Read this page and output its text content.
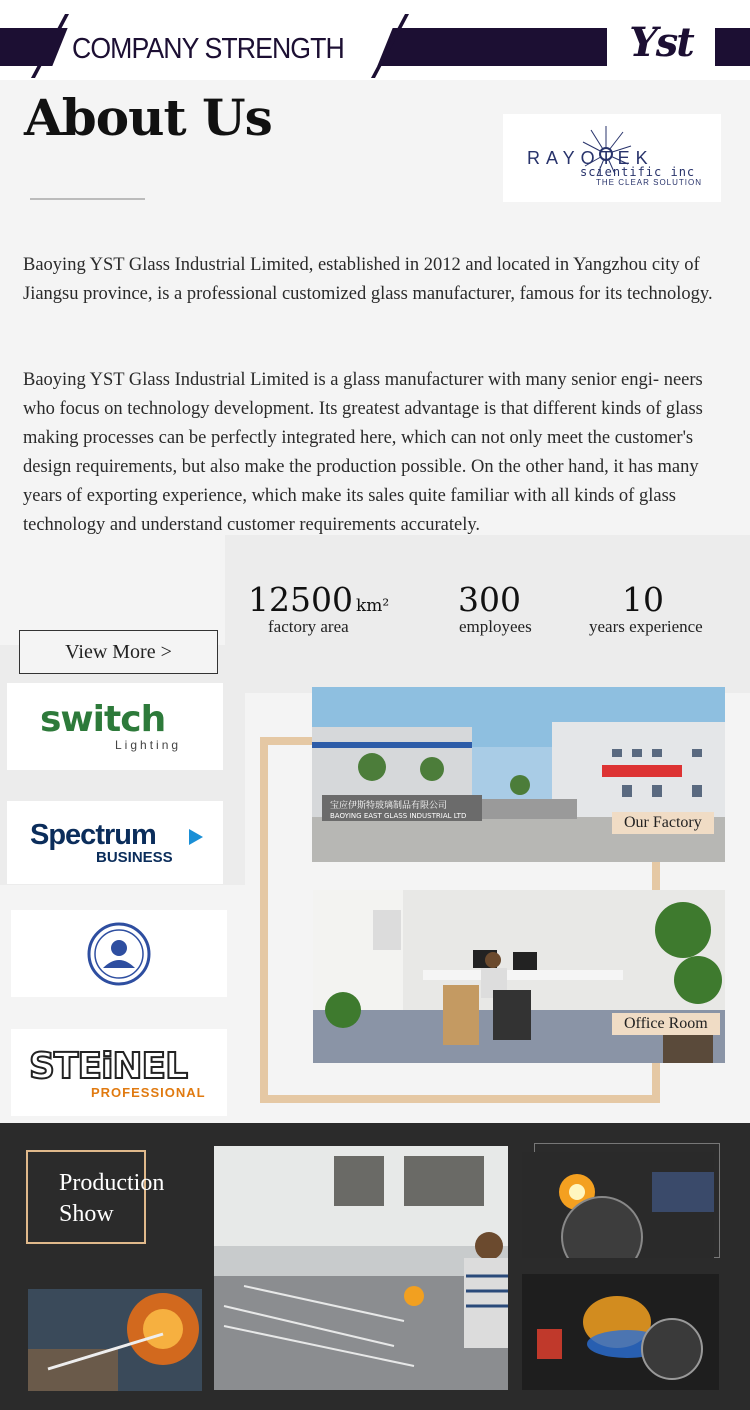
COMPANY STRENGTH	Yst
About Us
RAYOTEK
scientific inc
THE CLEAR SOLUTION
Baoying YST Glass Industrial Limited, established in 2012 and located in Yangzhou city of Jiangsu province, is a professional customized glass manufacturer, famous for its technology.
Baoying YST Glass Industrial Limited is a glass manufacturer with many senior engi- neers who focus on technology development. Its greatest advantage is that different kinds of glass making processes can be perfectly integrated here, which can not only meet the customer's design requirements, but also make the production possible. On the other hand, it has many years of exporting experience, which make its sales quite familiar with all kinds of glass technology and understand customer requirements accurately.
12500 km²
factory area
300
employees
10
years experience
View More >
switch
Lighting
Spectrum
BUSINESS
STEiNEL
PROFESSIONAL
宝应伊斯特玻璃制品有限公司
BAOYING EAST GLASS INDUSTRIAL LTD	Our Factory
Office Room
Production
Show
